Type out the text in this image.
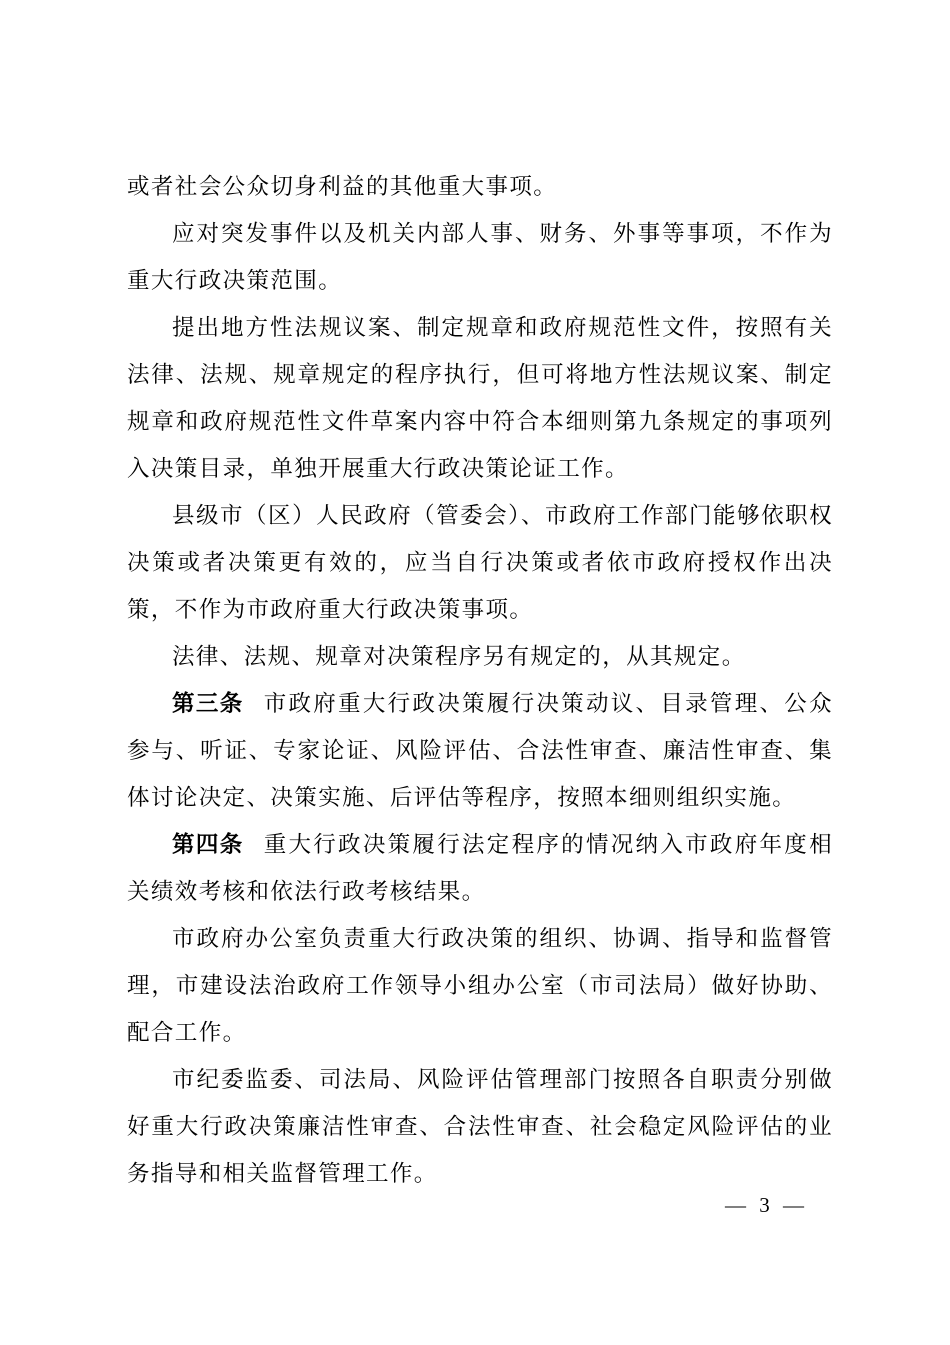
或者社会公众切身利益的其他重大事项。

应对突发事件以及机关内部人事、财务、外事等事项，不作为重大行政决策范围。

提出地方性法规议案、制定规章和政府规范性文件，按照有关法律、法规、规章规定的程序执行，但可将地方性法规议案、制定规章和政府规范性文件草案内容中符合本细则第九条规定的事项列入决策目录，单独开展重大行政决策论证工作。

县级市（区）人民政府（管委会）、市政府工作部门能够依职权决策或者决策更有效的，应当自行决策或者依市政府授权作出决策，不作为市政府重大行政决策事项。

法律、法规、规章对决策程序另有规定的，从其规定。

第三条 市政府重大行政决策履行决策动议、目录管理、公众参与、听证、专家论证、风险评估、合法性审查、廉洁性审查、集体讨论决定、决策实施、后评估等程序，按照本细则组织实施。

第四条 重大行政决策履行法定程序的情况纳入市政府年度相关绩效考核和依法行政考核结果。

市政府办公室负责重大行政决策的组织、协调、指导和监督管理，市建设法治政府工作领导小组办公室（市司法局）做好协助、配合工作。

市纪委监委、司法局、风险评估管理部门按照各自职责分别做好重大行政决策廉洁性审查、合法性审查、社会稳定风险评估的业务指导和相关监督管理工作。

— 3 —
